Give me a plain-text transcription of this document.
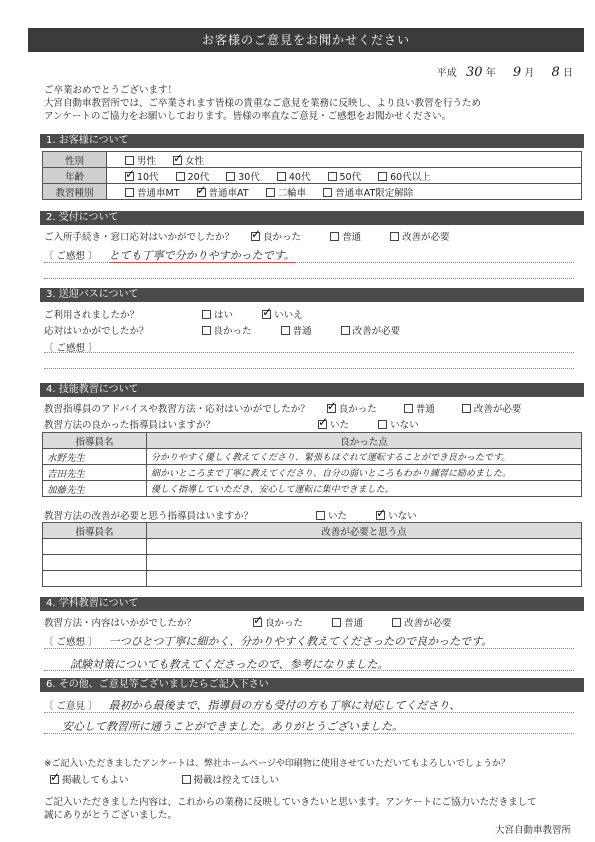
お客様のご意見をお聞かせください
平成 30 年 9 月 8 日
ご卒業おめでとうございます！
大宮自動車教習所では、ご卒業されます皆様の貴重なご意見を業務に反映し、より良い教習を行うため
アンケートのご協力をお願いしております。皆様の率直なご意見・ご感想をお聞かせください。
1. お客様について
性別	男性 ✓ 女性
年齢	✓10代 20代 30代 40代 50代 60代以上
教習種別	普通車MT ✓ 普通車AT 二輪車 普通車AT限定解除
2. 受付について
ご入所手続き・窓口応対はいかがでしたか？ ✓	良かった	普通	改善が必要
〔 ご感想 〕 とても丁寧で分かりやすかったです。
3. 送迎バスについて
ご利用されましたか？	はい ✓	いいえ
応対はいかがでしたか？	良かった	普通	改善が必要
〔 ご感想 〕
4. 技能教習について
教習指導員のアドバイスや教習方法・応対はいかがでしたか？ ✓	良かった	普通	改善が必要
教習方法の良かった指導員はいますか？ ✓	いた	いない
指導員名	良かった点
水野先生	分かりやすく優しく教えてくださり、緊張もほぐれて運転することができ良かったです。
吉田先生	細かいところまで丁寧に教えてくださり、自分の弱いところもわかり練習に励めました。
加藤先生	優しく指導していただき、安心して運転に集中できました。
教習方法の改善が必要と思う指導員はいますか？	いた ✓	いない
指導員名	改善が必要と思う点

4. 学科教習について
教習方法・内容はいかがでしたか？ ✓	良かった	普通	改善が必要
〔 ご感想 〕 一つひとつ丁寧に細かく、分かりやすく教えてくださったので良かったです。
試験対策についても教えてくださったので、参考になりました。
6. その他、ご意見等ございましたらご記入下さい
〔 ご意見 〕 最初から最後まで、指導員の方も受付の方も丁寧に対応してくださり、
安心して教習所に通うことができました。ありがとうございました。
※ご記入いただきましたアンケートは、弊社ホームページや印刷物に使用させていただいてもよろしいでしょうか？
✓掲載してもよい	掲載は控えてほしい
ご記入いただきました内容は、これからの業務に反映していきたいと思います。アンケートにご協力いただきまして
誠にありがとうございました。
大宮自動車教習所
